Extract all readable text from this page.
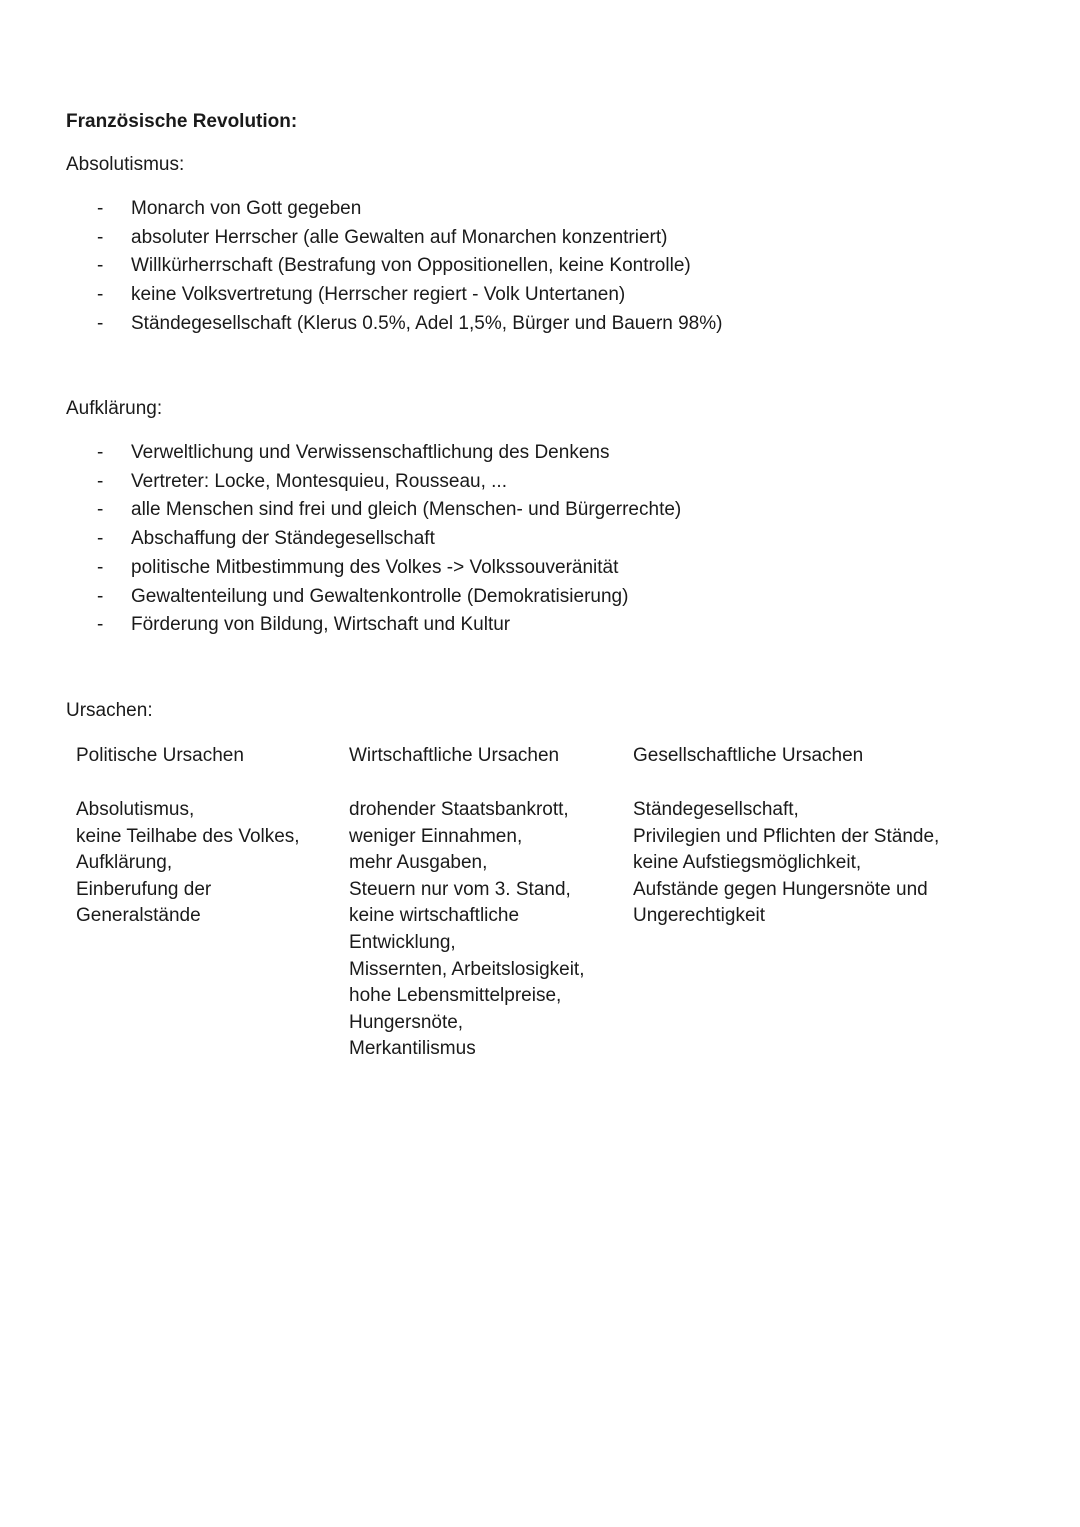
Französische Revolution:
Absolutismus:
- Monarch von Gott gegeben
- absoluter Herrscher (alle Gewalten auf Monarchen konzentriert)
- Willkürherrschaft (Bestrafung von Oppositionellen, keine Kontrolle)
- keine Volksvertretung (Herrscher regiert - Volk Untertanen)
- Ständegesellschaft (Klerus 0.5%, Adel 1,5%, Bürger und Bauern 98%)
Aufklärung:
- Verweltlichung und Verwissenschaftlichung des Denkens
- Vertreter: Locke, Montesquieu, Rousseau, ...
- alle Menschen sind frei und gleich (Menschen- und Bürgerrechte)
- Abschaffung der Ständegesellschaft
- politische Mitbestimmung des Volkes -> Volkssouveränität
- Gewaltenteilung und Gewaltenkontrolle (Demokratisierung)
- Förderung von Bildung, Wirtschaft und Kultur
Ursachen:

Politische Ursachen

Absolutismus,
keine Teilhabe des Volkes,
Aufklärung,
Einberufung der
Generalstände

Wirtschaftliche Ursachen

drohender Staatsbankrott,
weniger Einnahmen,
mehr Ausgaben,
Steuern nur vom 3. Stand,
keine wirtschaftliche
Entwicklung,
Missernten, Arbeitslosigkeit,
hohe Lebensmittelpreise,
Hungersnöte,
Merkantilismus

Gesellschaftliche Ursachen

Ständegesellschaft,
Privilegien und Pflichten der Stände,
keine Aufstiegsmöglichkeit,
Aufstände gegen Hungersnöte und
Ungerechtigkeit
